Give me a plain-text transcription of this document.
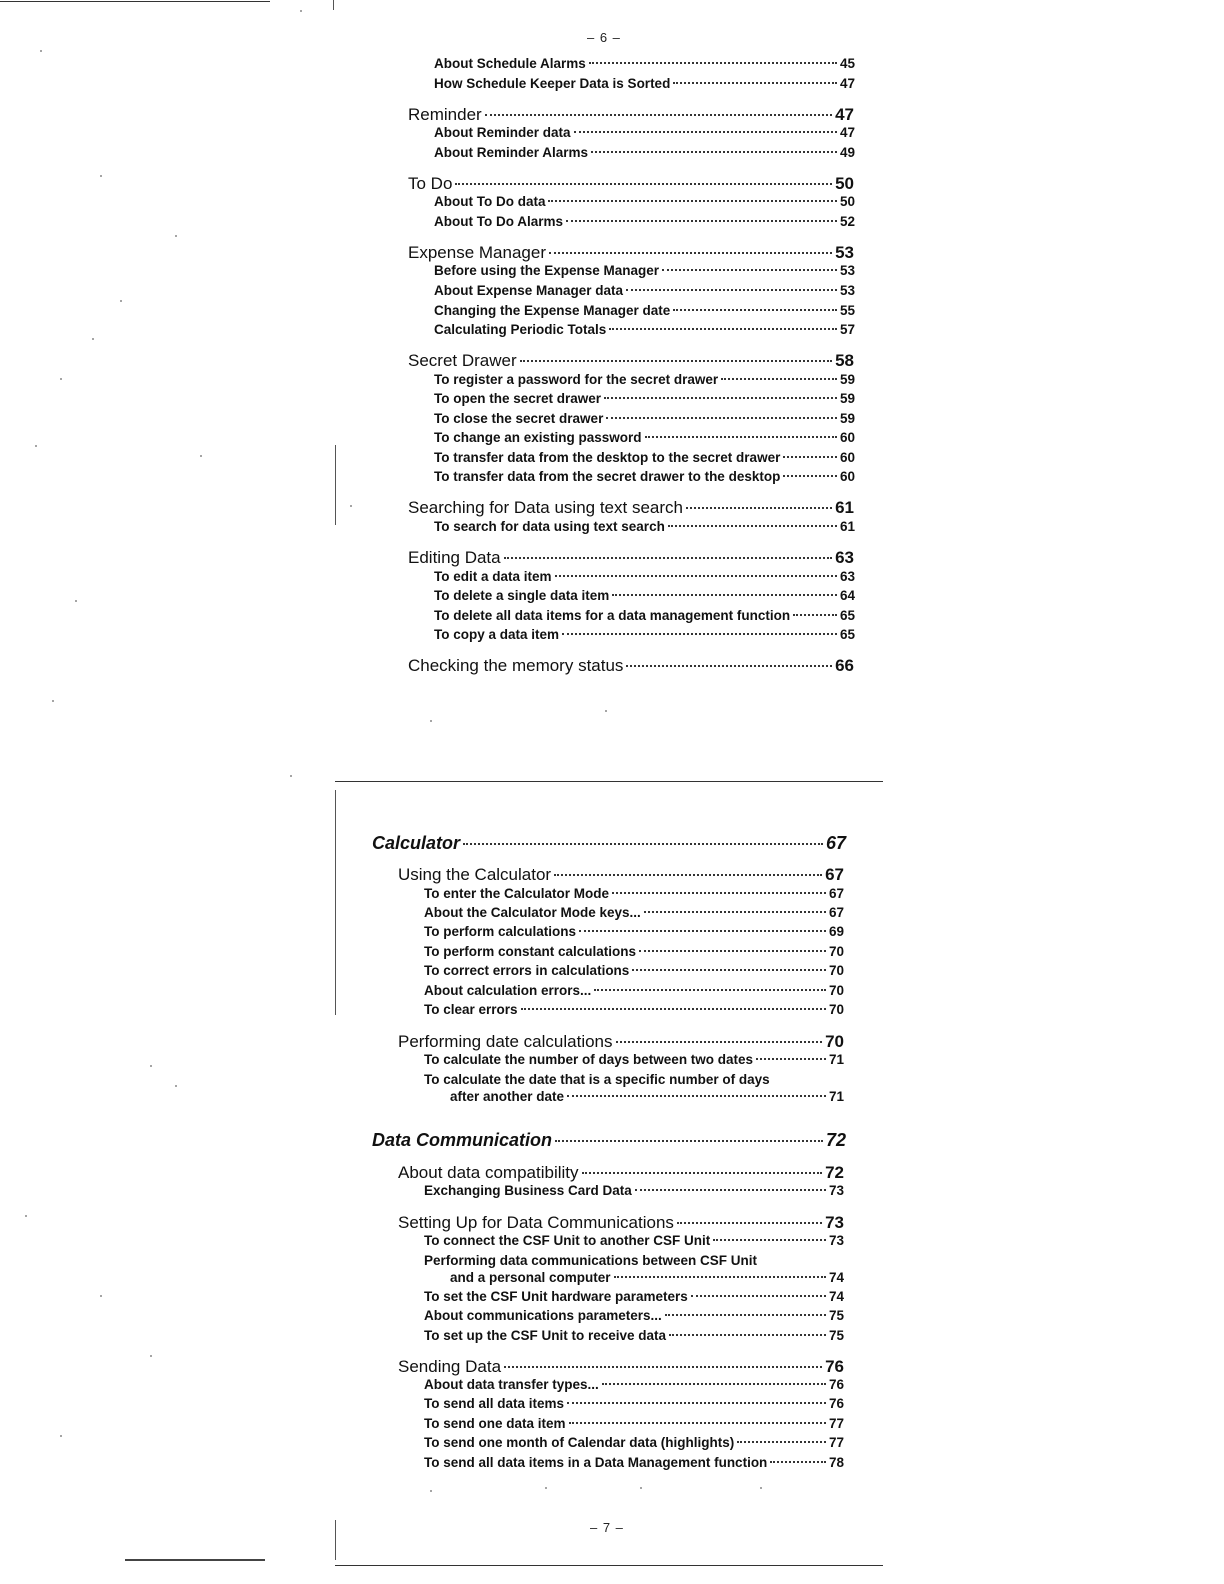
– 6 –
– 7 –
About Schedule Alarms	45
How Schedule Keeper Data is Sorted	47
Reminder	47
About Reminder data	47
About Reminder Alarms	49
To Do	50
About To Do data	50
About To Do Alarms	52
Expense Manager	53
Before using the Expense Manager	53
About Expense Manager data	53
Changing the Expense Manager date	55
Calculating Periodic Totals	57
Secret Drawer	58
To register a password for the secret drawer	59
To open the secret drawer	59
To close the secret drawer	59
To change an existing password	60
To transfer data from the desktop to the secret drawer	60
To transfer data from the secret drawer to the desktop	60
Searching for Data using text search	61
To search for data using text search	61
Editing Data	63
To edit a data item	63
To delete a single data item	64
To delete all data items for a data management function	65
To copy a data item	65
Checking the memory status	66
Calculator	67
Using the Calculator	67
To enter the Calculator Mode	67
About the Calculator Mode keys...	67
To perform calculations	69
To perform constant calculations	70
To correct errors in calculations	70
About calculation errors...	70
To clear errors	70
Performing date calculations	70
To calculate the number of days between two dates	71
To calculate the date that is a specific number of days
after another date	71
Data Communication	72
About data compatibility	72
Exchanging Business Card Data	73
Setting Up for Data Communications	73
To connect the CSF Unit to another CSF Unit	73
Performing data communications between CSF Unit
and a personal computer	74
To set the CSF Unit hardware parameters	74
About communications parameters...	75
To set up the CSF Unit to receive data	75
Sending Data	76
About data transfer types...	76
To send all data items	76
To send one data item	77
To send one month of Calendar data (highlights)	77
To send all data items in a Data Management function	78
